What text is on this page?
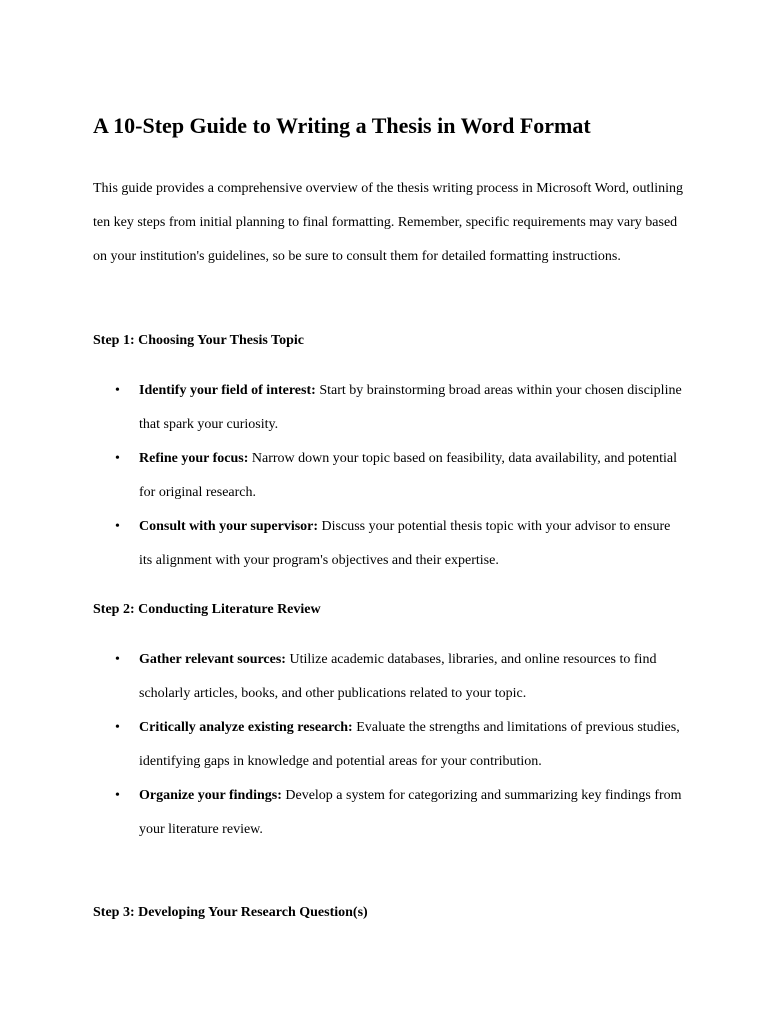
A 10-Step Guide to Writing a Thesis in Word Format

This guide provides a comprehensive overview of the thesis writing process in Microsoft Word, outlining ten key steps from initial planning to final formatting. Remember, specific requirements may vary based on your institution's guidelines, so be sure to consult them for detailed formatting instructions.

Step 1: Choosing Your Thesis Topic
• Identify your field of interest: Start by brainstorming broad areas within your chosen discipline that spark your curiosity.
• Refine your focus: Narrow down your topic based on feasibility, data availability, and potential for original research.
• Consult with your supervisor: Discuss your potential thesis topic with your advisor to ensure its alignment with your program's objectives and their expertise.
Step 2: Conducting Literature Review
• Gather relevant sources: Utilize academic databases, libraries, and online resources to find scholarly articles, books, and other publications related to your topic.
• Critically analyze existing research: Evaluate the strengths and limitations of previous studies, identifying gaps in knowledge and potential areas for your contribution.
• Organize your findings: Develop a system for categorizing and summarizing key findings from your literature review.
Step 3: Developing Your Research Question(s)
